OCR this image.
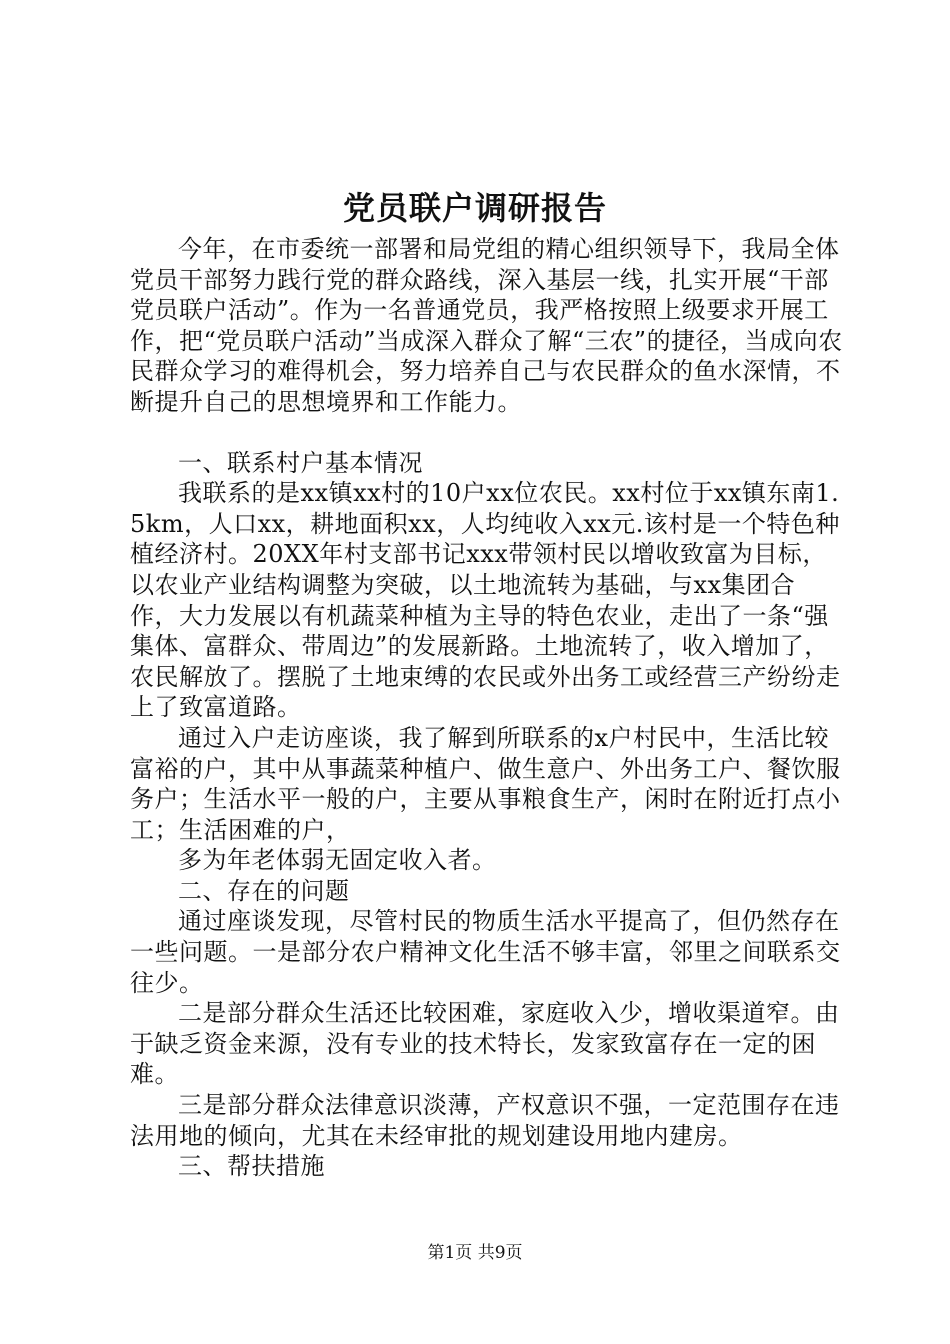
党员联户调研报告

今年，在市委统一部署和局党组的精心组织领导下，我局全体党员干部努力践行党的群众路线，深入基层一线，扎实开展“干部党员联户活动”。作为一名普通党员，我严格按照上级要求开展工作，把“党员联户活动”当成深入群众了解“三农”的捷径，当成向农民群众学习的难得机会，努力培养自己与农民群众的鱼水深情，不断提升自己的思想境界和工作能力。

一、联系村户基本情况

我联系的是xx镇xx村的10户xx位农民。xx村位于xx镇东南1.5km，人口xx，耕地面积xx，人均纯收入xx元.该村是一个特色种植经济村。20XX年村支部书记xxx带领村民以增收致富为目标，以农业产业结构调整为突破，以土地流转为基础，与xx集团合作，大力发展以有机蔬菜种植为主导的特色农业，走出了一条“强集体、富群众、带周边”的发展新路。土地流转了，收入增加了，农民解放了。摆脱了土地束缚的农民或外出务工或经营三产纷纷走上了致富道路。

通过入户走访座谈，我了解到所联系的x户村民中，生活比较富裕的户，其中从事蔬菜种植户、做生意户、外出务工户、餐饮服务户；生活水平一般的户，主要从事粮食生产，闲时在附近打点小工；生活困难的户，

多为年老体弱无固定收入者。

二、存在的问题

通过座谈发现，尽管村民的物质生活水平提高了，但仍然存在一些问题。一是部分农户精神文化生活不够丰富，邻里之间联系交往少。

二是部分群众生活还比较困难，家庭收入少，增收渠道窄。由于缺乏资金来源，没有专业的技术特长，发家致富存在一定的困难。

三是部分群众法律意识淡薄，产权意识不强，一定范围存在违法用地的倾向，尤其在未经审批的规划建设用地内建房。

三、帮扶措施

第1页 共9页
